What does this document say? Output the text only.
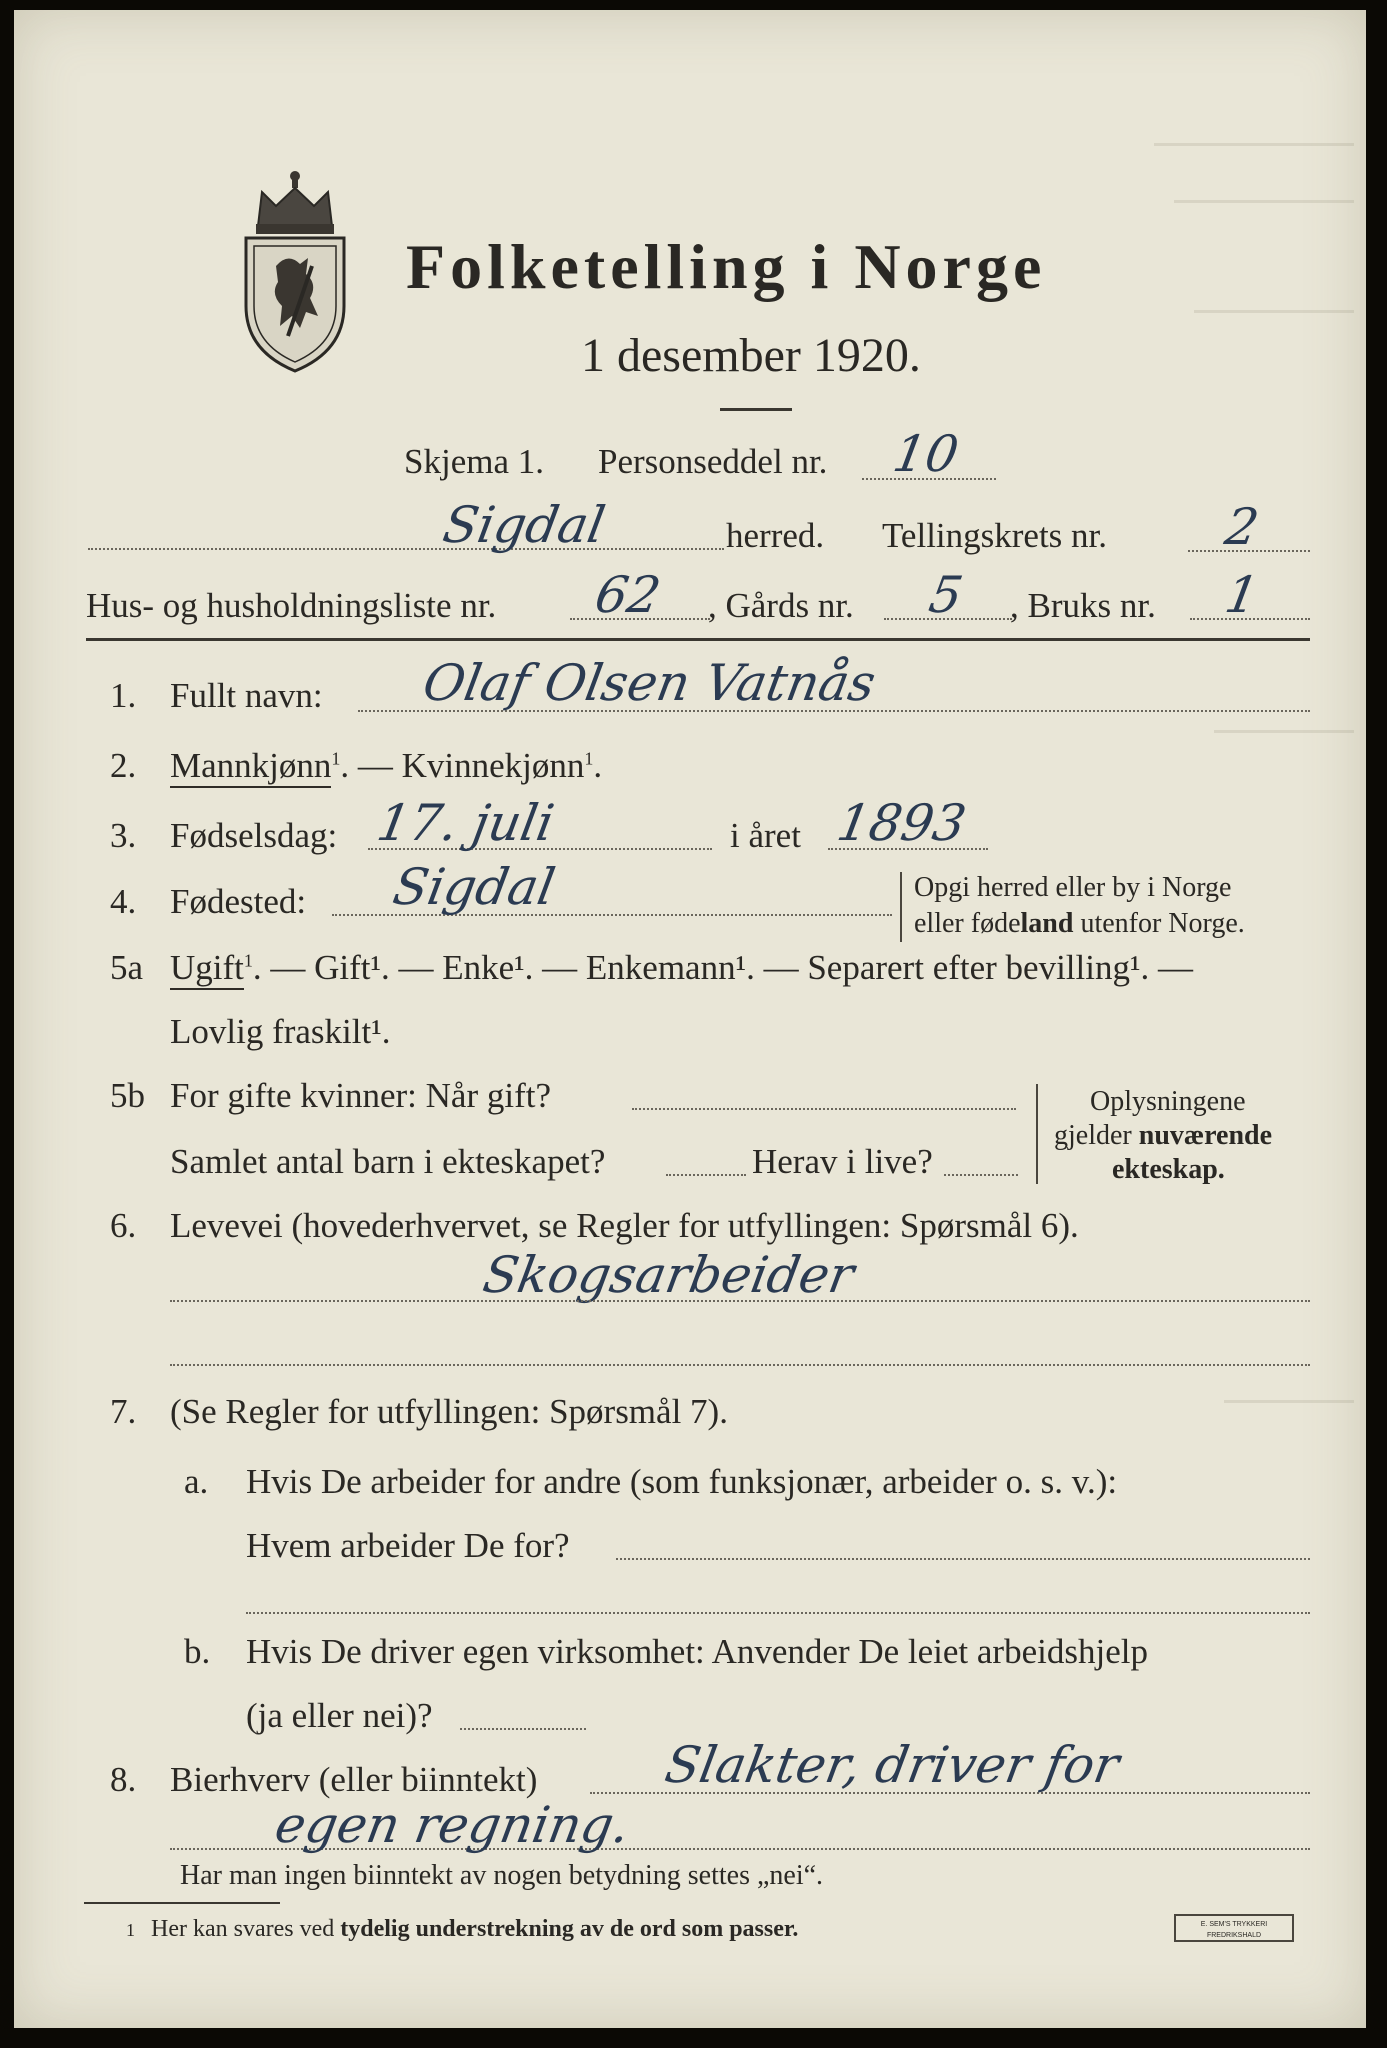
Folketelling i Norge
1 desember 1920.
Skjema 1. Personseddel nr. 10
Sigdal	herred. Tellingskrets nr. 2
Hus- og husholdningsliste nr. 62 , Gårds nr. 5 , Bruks nr. 1
1. Fullt navn: Olaf Olsen Vatnås
2. Mannkjønn$^1$. — Kvinnekjønn$^1$.
3. Fødselsdag: 17. juli	i året 1893
4. Fødested: Sigdal	Opgi herred eller by i Norge
eller fødeland utenfor Norge.
5a Ugift$^1$. — Gift¹. — Enke¹. — Enkemann¹. — Separert efter bevilling¹. —
Lovlig fraskilt¹.
5b For gifte kvinner: Når gift?
Samlet antal barn i ekteskapet?	Herav i live?
Oplysningene
gjelder nuværende
ekteskap.
6. Levevei (hovederhvervet, se Regler for utfyllingen: Spørsmål 6).
Skogsarbeider
7. (Se Regler for utfyllingen: Spørsmål 7).
a. Hvis De arbeider for andre (som funksjonær, arbeider o. s. v.):
Hvem arbeider De for?
b. Hvis De driver egen virksomhet: Anvender De leiet arbeidshjelp
(ja eller nei)?
8. Bierhverv (eller biinntekt) Slakter, driver for
egen regning.
Har man ingen biinntekt av nogen betydning settes „nei“.
1 Her kan svares ved tydelig understrekning av de ord som passer.	E. SEM'S TRYKKERI
FREDRIKSHALD
